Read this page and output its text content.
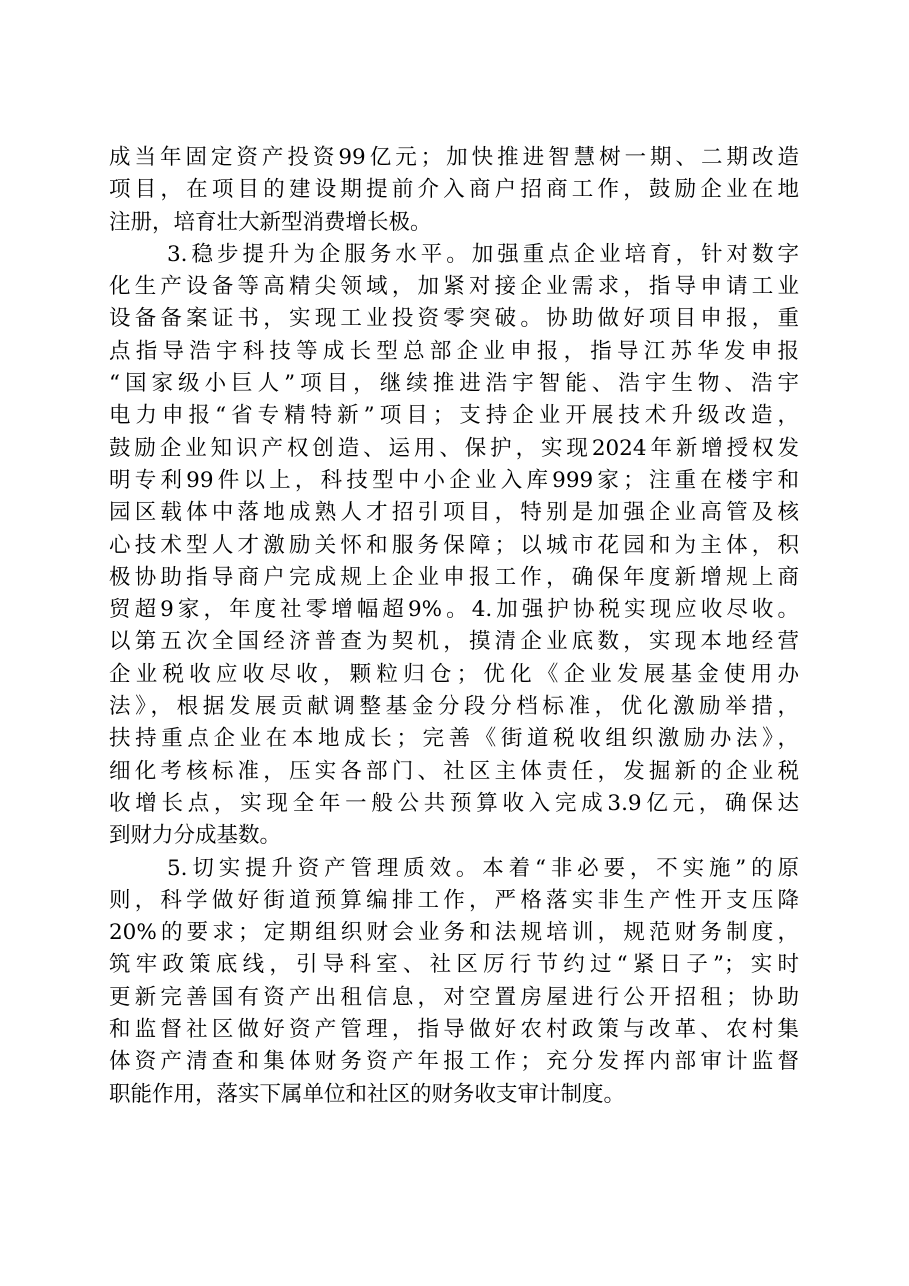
成当年固定资产投资99亿元；加快推进智慧树一期、二期改造
项目，在项目的建设期提前介入商户招商工作，鼓励企业在地
注册，培育壮大新型消费增长极。
3.稳步提升为企服务水平。加强重点企业培育，针对数字
化生产设备等高精尖领域，加紧对接企业需求，指导申请工业
设备备案证书，实现工业投资零突破。协助做好项目申报，重
点指导浩宇科技等成长型总部企业申报，指导江苏华发申报
“国家级小巨人”项目，继续推进浩宇智能、浩宇生物、浩宇
电力申报“省专精特新”项目；支持企业开展技术升级改造，
鼓励企业知识产权创造、运用、保护，实现2024年新增授权发
明专利99件以上，科技型中小企业入库999家；注重在楼宇和
园区载体中落地成熟人才招引项目，特别是加强企业高管及核
心技术型人才激励关怀和服务保障；以城市花园和为主体，积
极协助指导商户完成规上企业申报工作，确保年度新增规上商
贸超9家，年度社零增幅超9%。4.加强护协税实现应收尽收。
以第五次全国经济普查为契机，摸清企业底数，实现本地经营
企业税收应收尽收，颗粒归仓；优化《企业发展基金使用办
法》，根据发展贡献调整基金分段分档标准，优化激励举措，
扶持重点企业在本地成长；完善《街道税收组织激励办法》，
细化考核标准，压实各部门、社区主体责任，发掘新的企业税
收增长点，实现全年一般公共预算收入完成3.9亿元，确保达
到财力分成基数。
5.切实提升资产管理质效。本着“非必要，不实施”的原
则，科学做好街道预算编排工作，严格落实非生产性开支压降
20%的要求；定期组织财会业务和法规培训，规范财务制度，
筑牢政策底线，引导科室、社区厉行节约过“紧日子”；实时
更新完善国有资产出租信息，对空置房屋进行公开招租；协助
和监督社区做好资产管理，指导做好农村政策与改革、农村集
体资产清查和集体财务资产年报工作；充分发挥内部审计监督
职能作用，落实下属单位和社区的财务收支审计制度。
